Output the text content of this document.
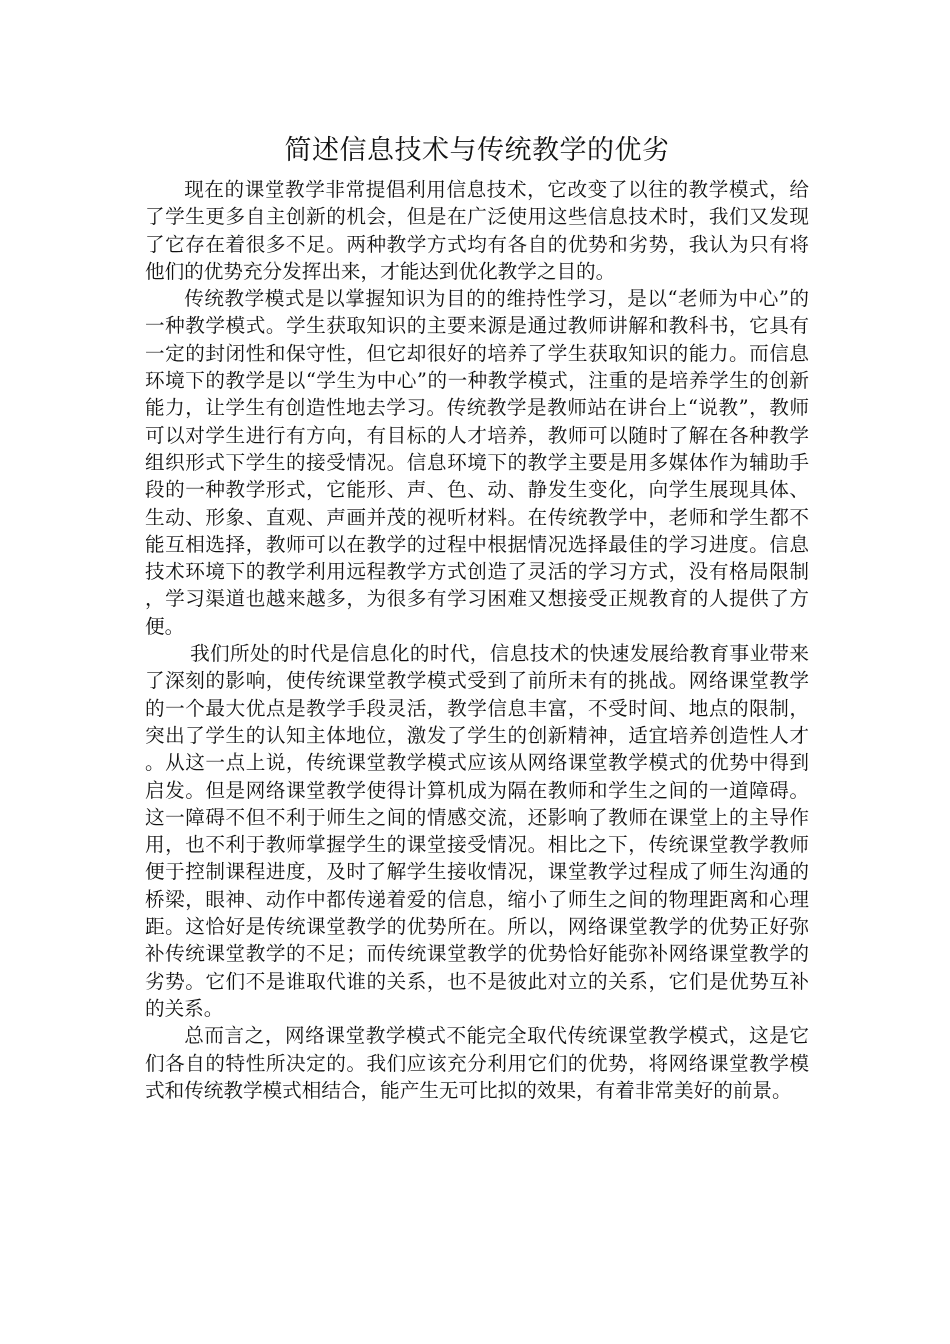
简述信息技术与传统教学的优劣

现在的课堂教学非常提倡利用信息技术，它改变了以往的教学模式，给了学生更多自主创新的机会，但是在广泛使用这些信息技术时，我们又发现了它存在着很多不足。两种教学方式均有各自的优势和劣势，我认为只有将他们的优势充分发挥出来，才能达到优化教学之目的。

传统教学模式是以掌握知识为目的的维持性学习，是以“老师为中心”的一种教学模式。学生获取知识的主要来源是通过教师讲解和教科书，它具有一定的封闭性和保守性，但它却很好的培养了学生获取知识的能力。而信息环境下的教学是以“学生为中心”的一种教学模式，注重的是培养学生的创新能力，让学生有创造性地去学习。传统教学是教师站在讲台上“说教”，教师可以对学生进行有方向，有目标的人才培养，教师可以随时了解在各种教学组织形式下学生的接受情况。信息环境下的教学主要是用多媒体作为辅助手段的一种教学形式，它能形、声、色、动、静发生变化，向学生展现具体、生动、形象、直观、声画并茂的视听材料。在传统教学中，老师和学生都不能互相选择，教师可以在教学的过程中根据情况选择最佳的学习进度。信息技术环境下的教学利用远程教学方式创造了灵活的学习方式，没有格局限制，学习渠道也越来越多，为很多有学习困难又想接受正规教育的人提供了方便。

我们所处的时代是信息化的时代，信息技术的快速发展给教育事业带来了深刻的影响，使传统课堂教学模式受到了前所未有的挑战。网络课堂教学的一个最大优点是教学手段灵活，教学信息丰富，不受时间、地点的限制，突出了学生的认知主体地位，激发了学生的创新精神，适宜培养创造性人才。从这一点上说，传统课堂教学模式应该从网络课堂教学模式的优势中得到启发。但是网络课堂教学使得计算机成为隔在教师和学生之间的一道障碍。这一障碍不但不利于师生之间的情感交流，还影响了教师在课堂上的主导作用，也不利于教师掌握学生的课堂接受情况。相比之下，传统课堂教学教师便于控制课程进度，及时了解学生接收情况，课堂教学过程成了师生沟通的桥梁，眼神、动作中都传递着爱的信息，缩小了师生之间的物理距离和心理距。这恰好是传统课堂教学的优势所在。所以，网络课堂教学的优势正好弥补传统课堂教学的不足；而传统课堂教学的优势恰好能弥补网络课堂教学的劣势。它们不是谁取代谁的关系，也不是彼此对立的关系，它们是优势互补的关系。

总而言之，网络课堂教学模式不能完全取代传统课堂教学模式，这是它们各自的特性所决定的。我们应该充分利用它们的优势，将网络课堂教学模式和传统教学模式相结合，能产生无可比拟的效果，有着非常美好的前景。
